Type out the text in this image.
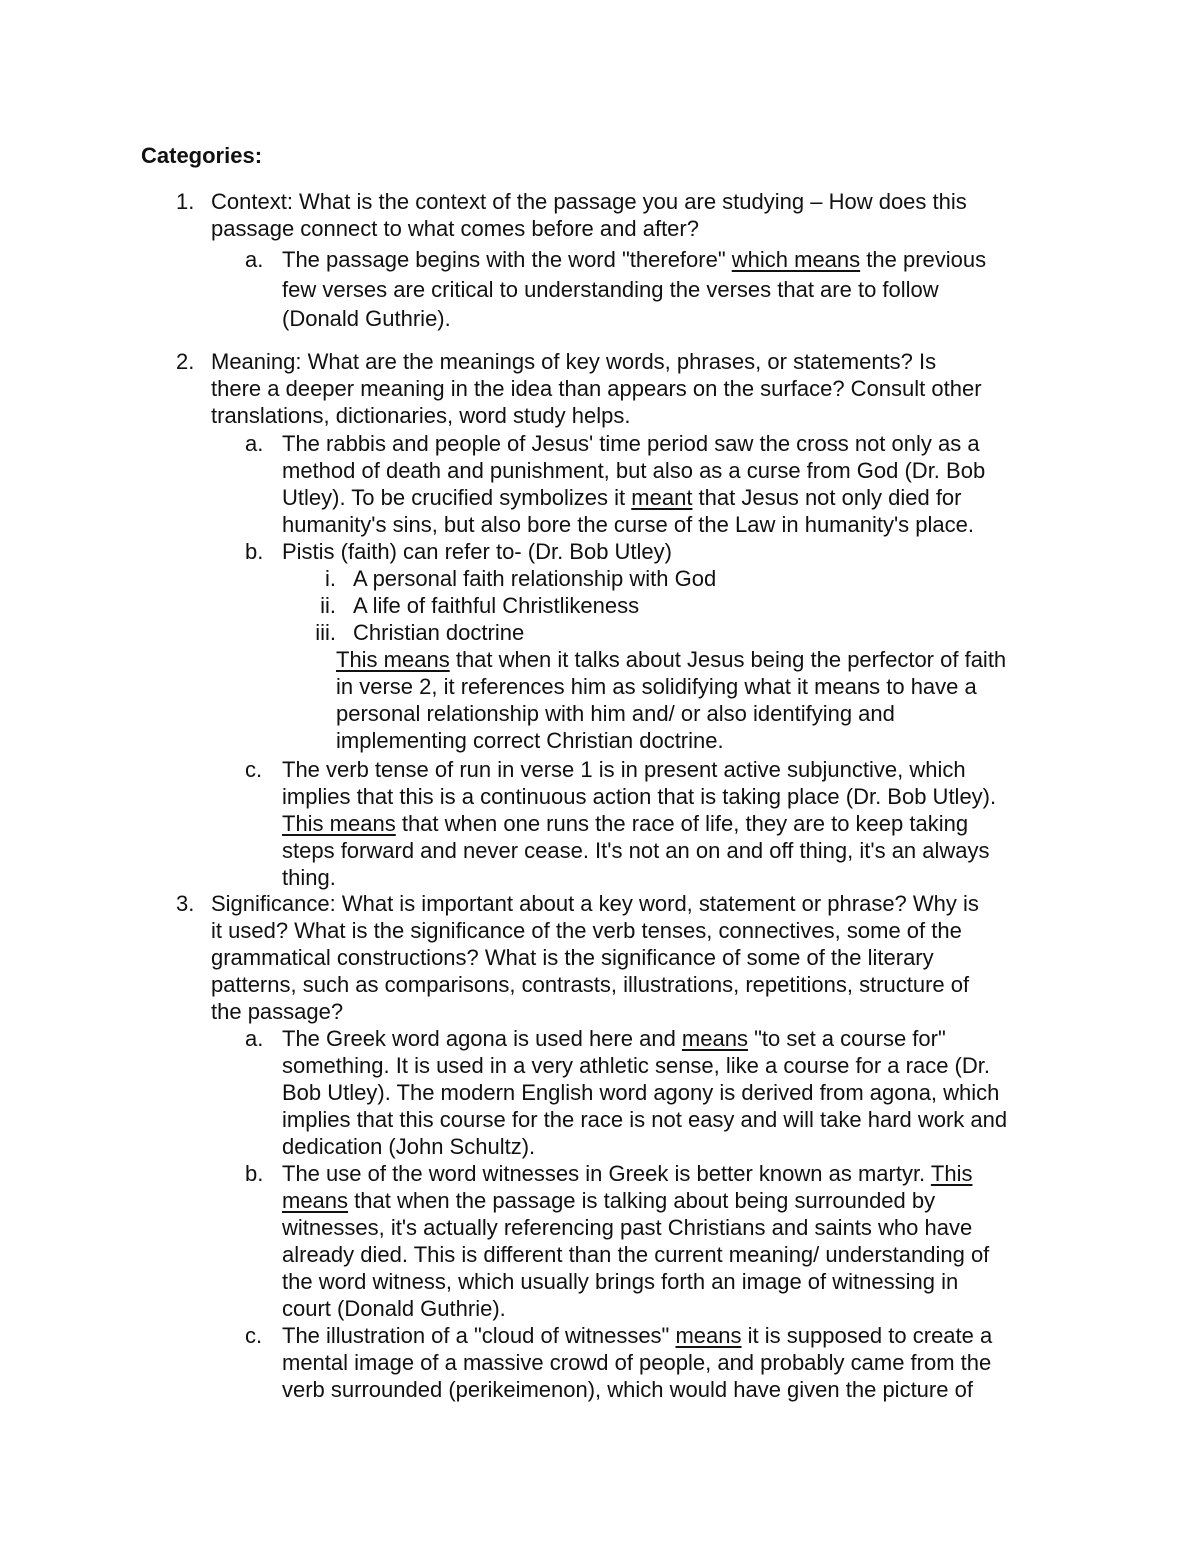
Categories:

1. Context: What is the context of the passage you are studying – How does this

passage connect to what comes before and after?

a. The passage begins with the word "therefore" which means the previous

few verses are critical to understanding the verses that are to follow

(Donald Guthrie).

2. Meaning: What are the meanings of key words, phrases, or statements? Is

there a deeper meaning in the idea than appears on the surface? Consult other

translations, dictionaries, word study helps.

a. The rabbis and people of Jesus' time period saw the cross not only as a

method of death and punishment, but also as a curse from God (Dr. Bob

Utley). To be crucified symbolizes it meant that Jesus not only died for

humanity's sins, but also bore the curse of the Law in humanity's place.

b. Pistis (faith) can refer to- (Dr. Bob Utley)

i. A personal faith relationship with God

ii. A life of faithful Christlikeness

iii. Christian doctrine

This means that when it talks about Jesus being the perfector of faith

in verse 2, it references him as solidifying what it means to have a

personal relationship with him and/ or also identifying and

implementing correct Christian doctrine.

c. The verb tense of run in verse 1 is in present active subjunctive, which

implies that this is a continuous action that is taking place (Dr. Bob Utley).

This means that when one runs the race of life, they are to keep taking

steps forward and never cease. It's not an on and off thing, it's an always

thing.

3. Significance: What is important about a key word, statement or phrase? Why is

it used? What is the significance of the verb tenses, connectives, some of the

grammatical constructions? What is the significance of some of the literary

patterns, such as comparisons, contrasts, illustrations, repetitions, structure of

the passage?

a. The Greek word agona is used here and means "to set a course for"

something. It is used in a very athletic sense, like a course for a race (Dr.

Bob Utley). The modern English word agony is derived from agona, which

implies that this course for the race is not easy and will take hard work and

dedication (John Schultz).

b. The use of the word witnesses in Greek is better known as martyr. This

means that when the passage is talking about being surrounded by

witnesses, it's actually referencing past Christians and saints who have

already died. This is different than the current meaning/ understanding of

the word witness, which usually brings forth an image of witnessing in

court (Donald Guthrie).

c. The illustration of a "cloud of witnesses" means it is supposed to create a

mental image of a massive crowd of people, and probably came from the

verb surrounded (perikeimenon), which would have given the picture of
